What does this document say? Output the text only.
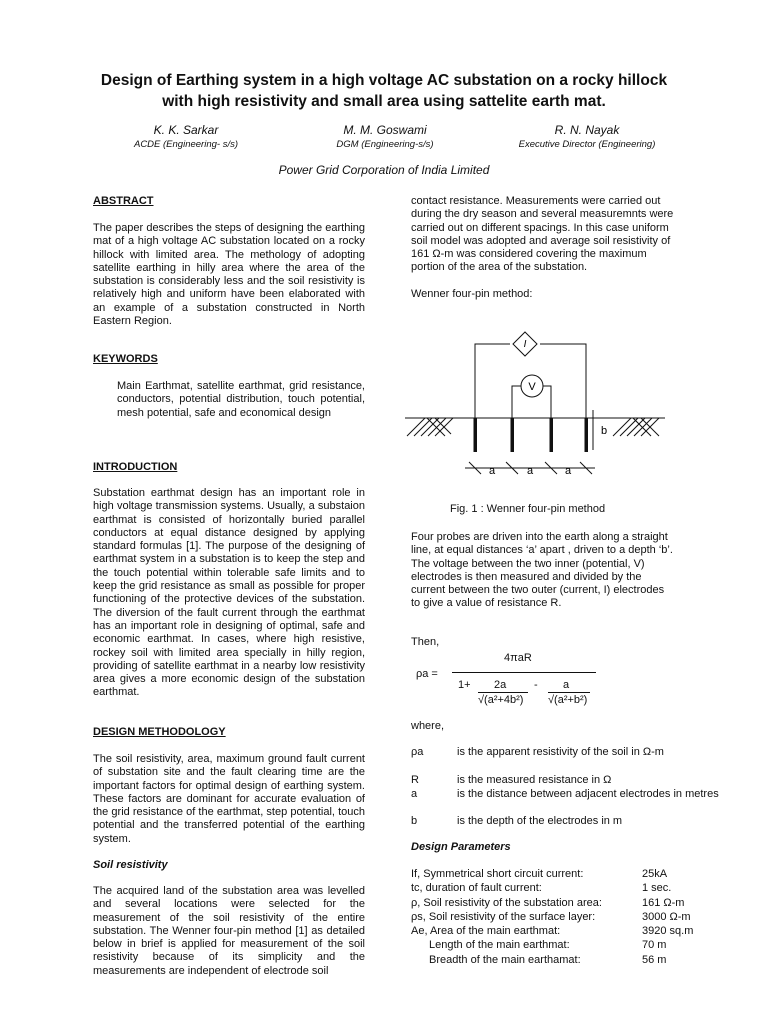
Design of Earthing system in a high voltage AC substation on a rocky hillock
with high resistivity and small area using sattelite earth mat.
K. K. Sarkar
ACDE (Engineering- s/s)
M. M. Goswami
DGM (Engineering-s/s)
R. N. Nayak
Executive Director (Engineering)
Power Grid Corporation of India Limited
ABSTRACT

The paper describes the steps of designing the earthing mat of a high voltage AC substation located on a rocky hillock with limited area. The methology of adopting satellite earthing in hilly area where the area of the substation is considerably less and the soil resistivity is relatively high and uniform have been elaborated with an example of a substation constructed in North Eastern Region.

KEYWORDS

Main Earthmat, satellite earthmat, grid resistance, conductors, potential distribution, touch potential, mesh potential, safe and economical design

INTRODUCTION

Substation earthmat design has an important role in high voltage transmission systems. Usually, a substaion earthmat is consisted of horizontally buried parallel conductors at equal distance designed by applying standard formulas [1]. The purpose of the designing of earthmat system in a substation is to keep the step and the touch potential within tolerable safe limits and to keep the grid resistance as small as possible for proper functioning of the protective devices of the substation. The diversion of the fault current through the earthmat has an important role in designing of optimal, safe and economic earthmat. In cases, where high resistive, rockey soil with limited area specially in hilly region, providing of satellite earthmat in a nearby low resistivity area gives a more economic design of the substation earthmat.

DESIGN METHODOLOGY

The soil resistivity, area, maximum ground fault current of substation site and the fault clearing time are the important factors for optimal design of earthing system. These factors are dominant for accurate evaluation of the grid resistance of the earthmat, step potential, touch potential and the transferred potential of the earthing system.

Soil resistivity

The acquired land of the substation area was levelled and several locations were selected for the measurement of the soil resistivity of the entire substation. The Wenner four-pin method [1] as detailed below in brief is applied for measurement of the soil resistivity because of its simplicity and the measurements are independent of electrode soil

contact resistance. Measurements were carried out during the dry season and several measuremnts were carried out on different spacings. In this case uniform soil model was adopted and average soil resistivity of 161 Ω-m was considered covering the maximum portion of the area of the substation.

Wenner four-pin method:
I
V
b
a	a	a
Fig. 1 : Wenner four-pin method

Four probes are driven into the earth along a straight line, at equal distances ‘a’ apart , driven to a depth ‘b’. The voltage between the two inner (potential, V) electrodes is then measured and divided by the current between the two outer (current, I) electrodes to give a value of resistance R.

Then,
4πaR
ρa =
1+ 2a
√(a²+4b²)
- a
√(a²+b²)
where,
ρa	is the apparent resistivity of the soil in Ω-m
R	is the measured resistance in Ω
a	is the distance between adjacent electrodes in metres
b	is the depth of the electrodes in m
Design Parameters
If, Symmetrical short circuit current:	25kA
tc, duration of fault current:	1 sec.
ρ, Soil resistivity of the substation area:	161 Ω-m
ρs, Soil resistivity of the surface layer:	3000 Ω-m
Ae, Area of the main earthmat:	3920 sq.m
Length of the main earthmat:	70 m
Breadth of the main earthamat:	56 m
